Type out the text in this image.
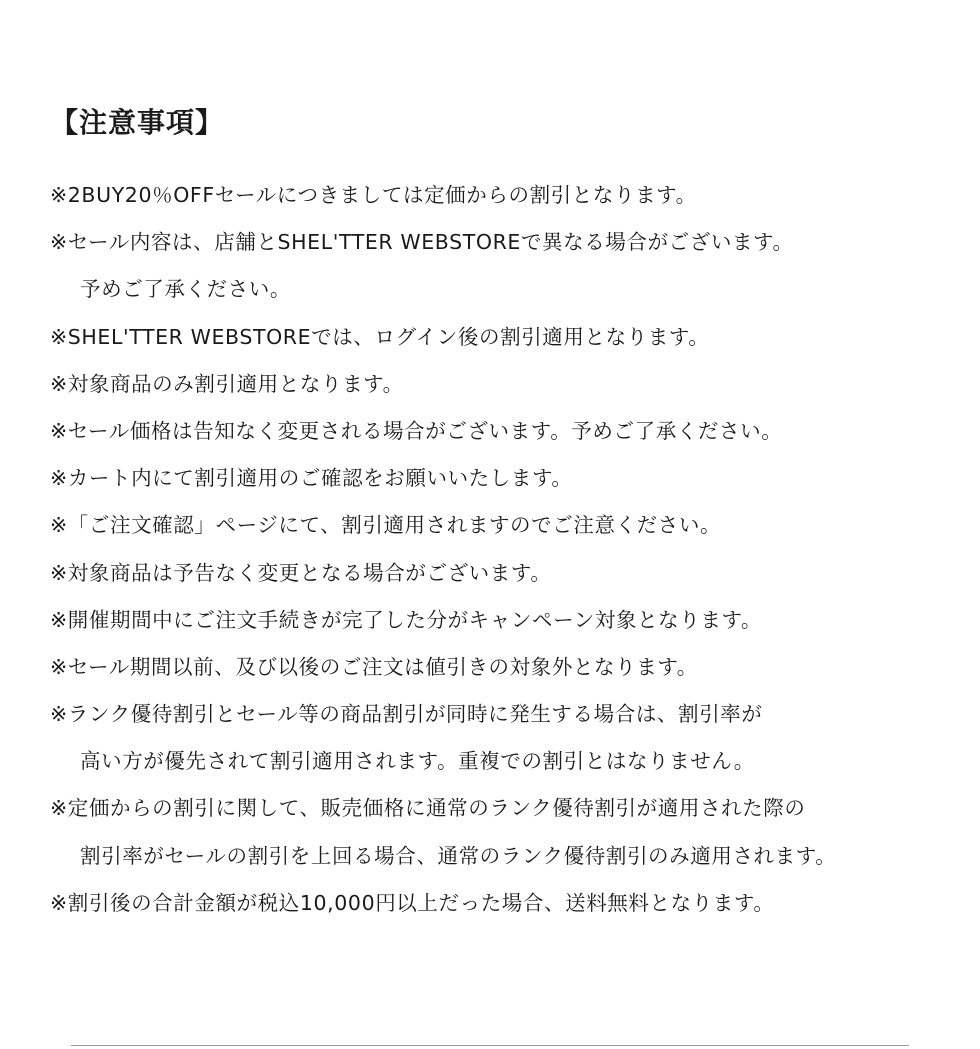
【注意事項】
※2BUY20％OFFセールにつきましては定価からの割引となります。
※セール内容は、店舗とSHEL'TTER WEBSTOREで異なる場合がございます。
予めご了承ください。
※SHEL'TTER WEBSTOREでは、ログイン後の割引適用となります。
※対象商品のみ割引適用となります。
※セール価格は告知なく変更される場合がございます。予めご了承ください。
※カート内にて割引適用のご確認をお願いいたします。
※「ご注文確認」ページにて、割引適用されますのでご注意ください。
※対象商品は予告なく変更となる場合がございます。
※開催期間中にご注文手続きが完了した分がキャンペーン対象となります。
※セール期間以前、及び以後のご注文は値引きの対象外となります。
※ランク優待割引とセール等の商品割引が同時に発生する場合は、割引率が
高い方が優先されて割引適用されます。重複での割引とはなりません。
※定価からの割引に関して、販売価格に通常のランク優待割引が適用された際の
割引率がセールの割引を上回る場合、通常のランク優待割引のみ適用されます。
※割引後の合計金額が税込10,000円以上だった場合、送料無料となります。
